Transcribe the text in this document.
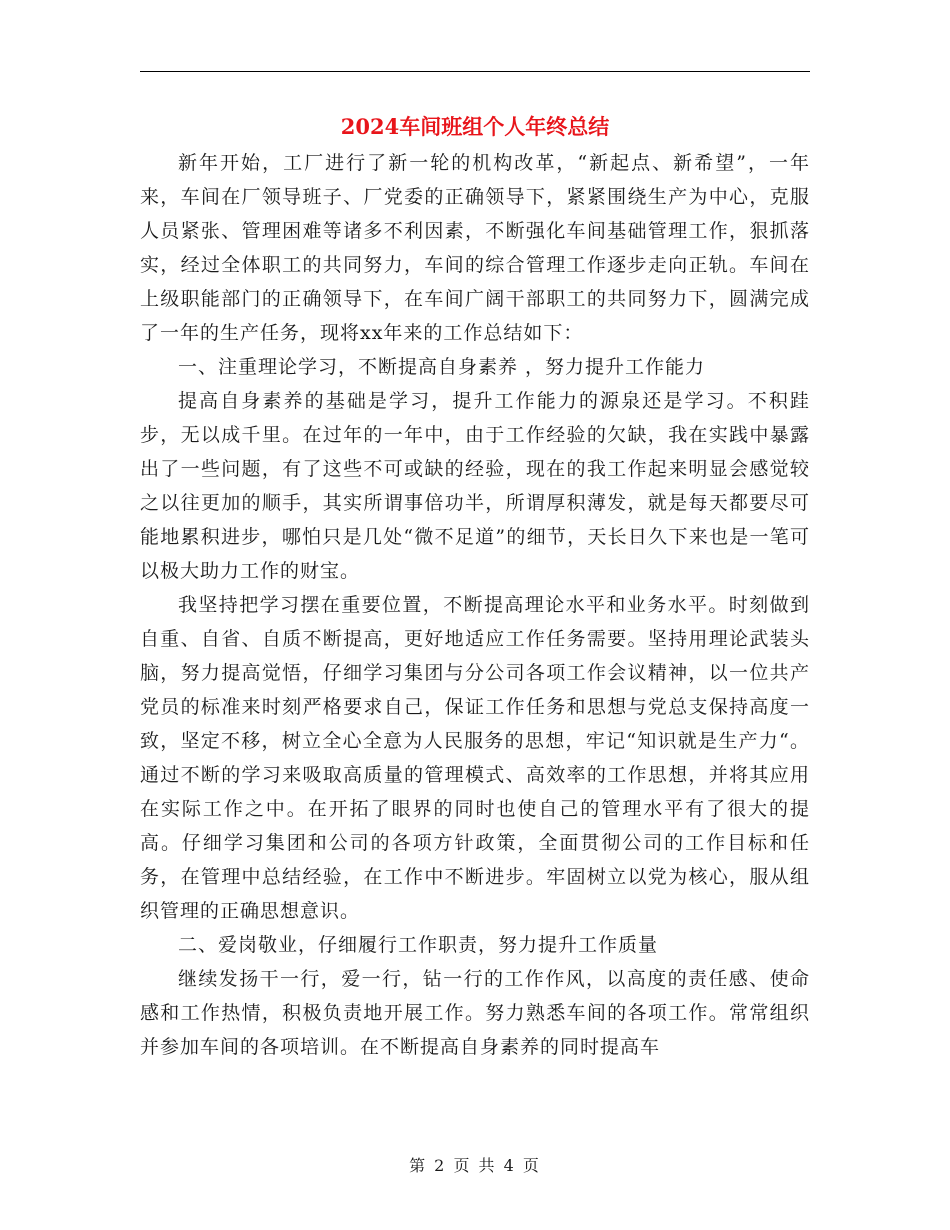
2024车间班组个人年终总结

新年开始，工厂进行了新一轮的机构改革，“新起点、新希望”，一年来，车间在厂领导班子、厂党委的正确领导下，紧紧围绕生产为中心，克服人员紧张、管理困难等诸多不利因素，不断强化车间基础管理工作，狠抓落实，经过全体职工的共同努力，车间的综合管理工作逐步走向正轨。车间在上级职能部门的正确领导下，在车间广阔干部职工的共同努力下，圆满完成了一年的生产任务，现将xx年来的工作总结如下：

一、注重理论学习，不断提高自身素养 ，努力提升工作能力

提高自身素养的基础是学习，提升工作能力的源泉还是学习。不积跬步，无以成千里。在过年的一年中，由于工作经验的欠缺，我在实践中暴露出了一些问题，有了这些不可或缺的经验，现在的我工作起来明显会感觉较之以往更加的顺手，其实所谓事倍功半，所谓厚积薄发，就是每天都要尽可能地累积进步，哪怕只是几处“微不足道”的细节，天长日久下来也是一笔可以极大助力工作的财宝。

我坚持把学习摆在重要位置，不断提高理论水平和业务水平。时刻做到自重、自省、自质不断提高，更好地适应工作任务需要。坚持用理论武装头脑，努力提高觉悟，仔细学习集团与分公司各项工作会议精神，以一位共产党员的标准来时刻严格要求自己，保证工作任务和思想与党总支保持高度一致，坚定不移，树立全心全意为人民服务的思想，牢记“知识就是生产力“。通过不断的学习来吸取高质量的管理模式、高效率的工作思想，并将其应用在实际工作之中。在开拓了眼界的同时也使自己的管理水平有了很大的提高。仔细学习集团和公司的各项方针政策，全面贯彻公司的工作目标和任务，在管理中总结经验，在工作中不断进步。牢固树立以党为核心，服从组织管理的正确思想意识。

二、爱岗敬业，仔细履行工作职责，努力提升工作质量

继续发扬干一行，爱一行，钻一行的工作作风，以高度的责任感、使命感和工作热情，积极负责地开展工作。努力熟悉车间的各项工作。常常组织并参加车间的各项培训。在不断提高自身素养的同时提高车

第 2 页 共 4 页
